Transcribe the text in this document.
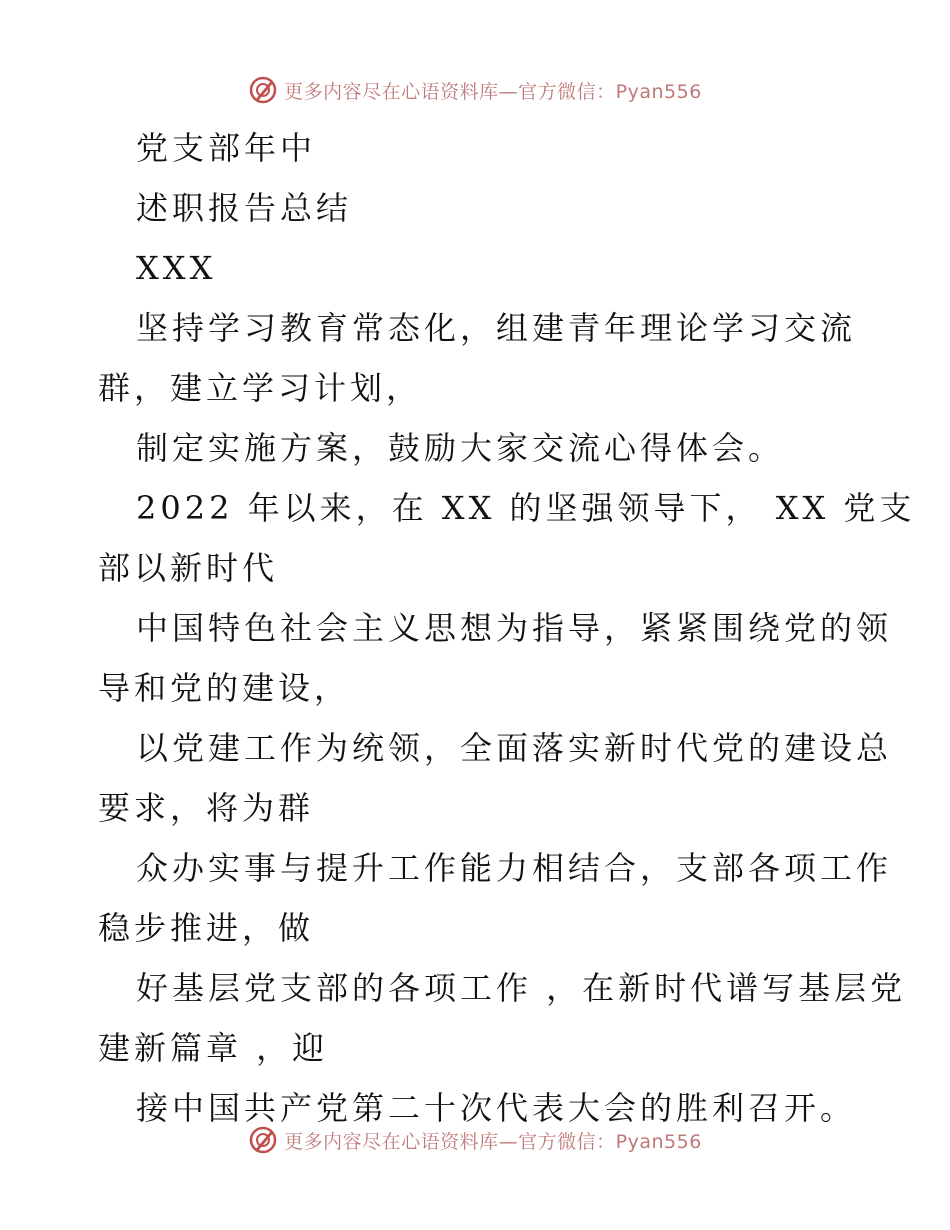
更多内容尽在心语资料库—官方微信：Pyan556
党支部年中
述职报告总结
XXX
坚持学习教育常态化，组建青年理论学习交流
群，建立学习计划，
制定实施方案，鼓励大家交流心得体会。
2022 年以来，在 XX 的坚强领导下， XX 党支
部以新时代
中国特色社会主义思想为指导，紧紧围绕党的领
导和党的建设，
以党建工作为统领，全面落实新时代党的建设总
要求，将为群
众办实事与提升工作能力相结合，支部各项工作
稳步推进，做
好基层党支部的各项工作 ，在新时代谱写基层党
建新篇章 ，迎
接中国共产党第二十次代表大会的胜利召开。
更多内容尽在心语资料库—官方微信：Pyan556
